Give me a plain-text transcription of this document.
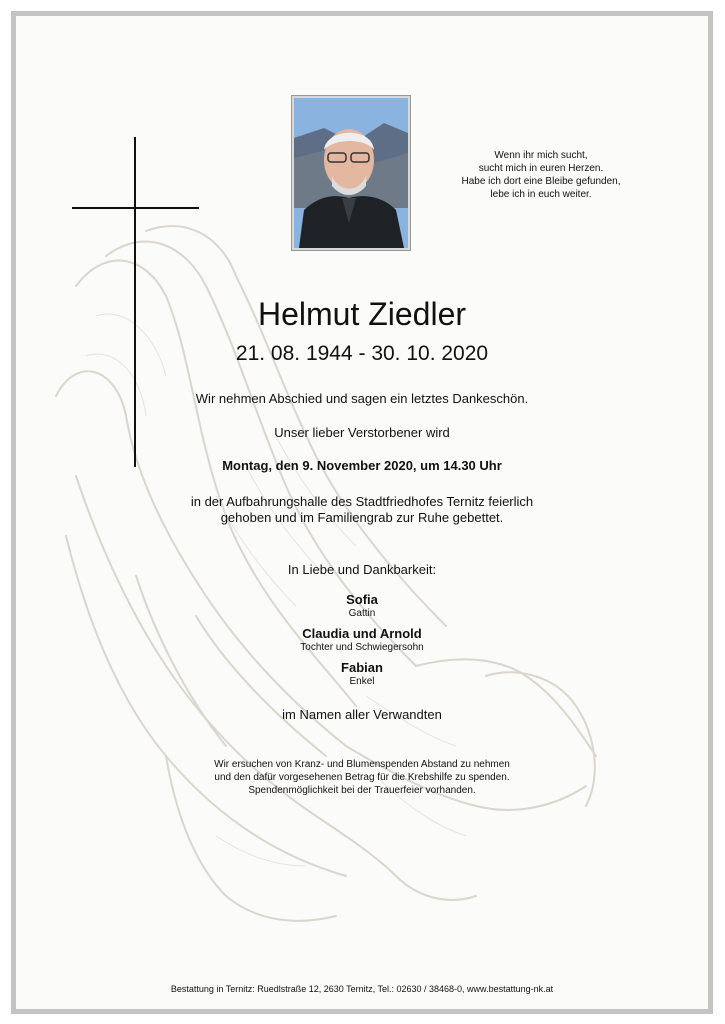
Wenn ihr mich sucht,
sucht mich in euren Herzen.
Habe ich dort eine Bleibe gefunden,
lebe ich in euch weiter.
Helmut Ziedler
21. 08. 1944 - 30. 10. 2020
Wir nehmen Abschied und sagen ein letztes Dankeschön.
Unser lieber Verstorbener wird
Montag, den 9. November 2020, um 14.30 Uhr
in der Aufbahrungshalle des Stadtfriedhofes Ternitz feierlich
gehoben und im Familiengrab zur Ruhe gebettet.
In Liebe und Dankbarkeit:
Sofia
Gattin
Claudia und Arnold
Tochter und Schwiegersohn
Fabian
Enkel
im Namen aller Verwandten
Wir ersuchen von Kranz- und Blumenspenden Abstand zu nehmen
und den dafür vorgesehenen Betrag für die Krebshilfe zu spenden.
Spendenmöglichkeit bei der Trauerfeier vorhanden.
Bestattung in Ternitz: Ruedlstraße 12, 2630 Ternitz, Tel.: 02630 / 38468-0, www.bestattung-nk.at
